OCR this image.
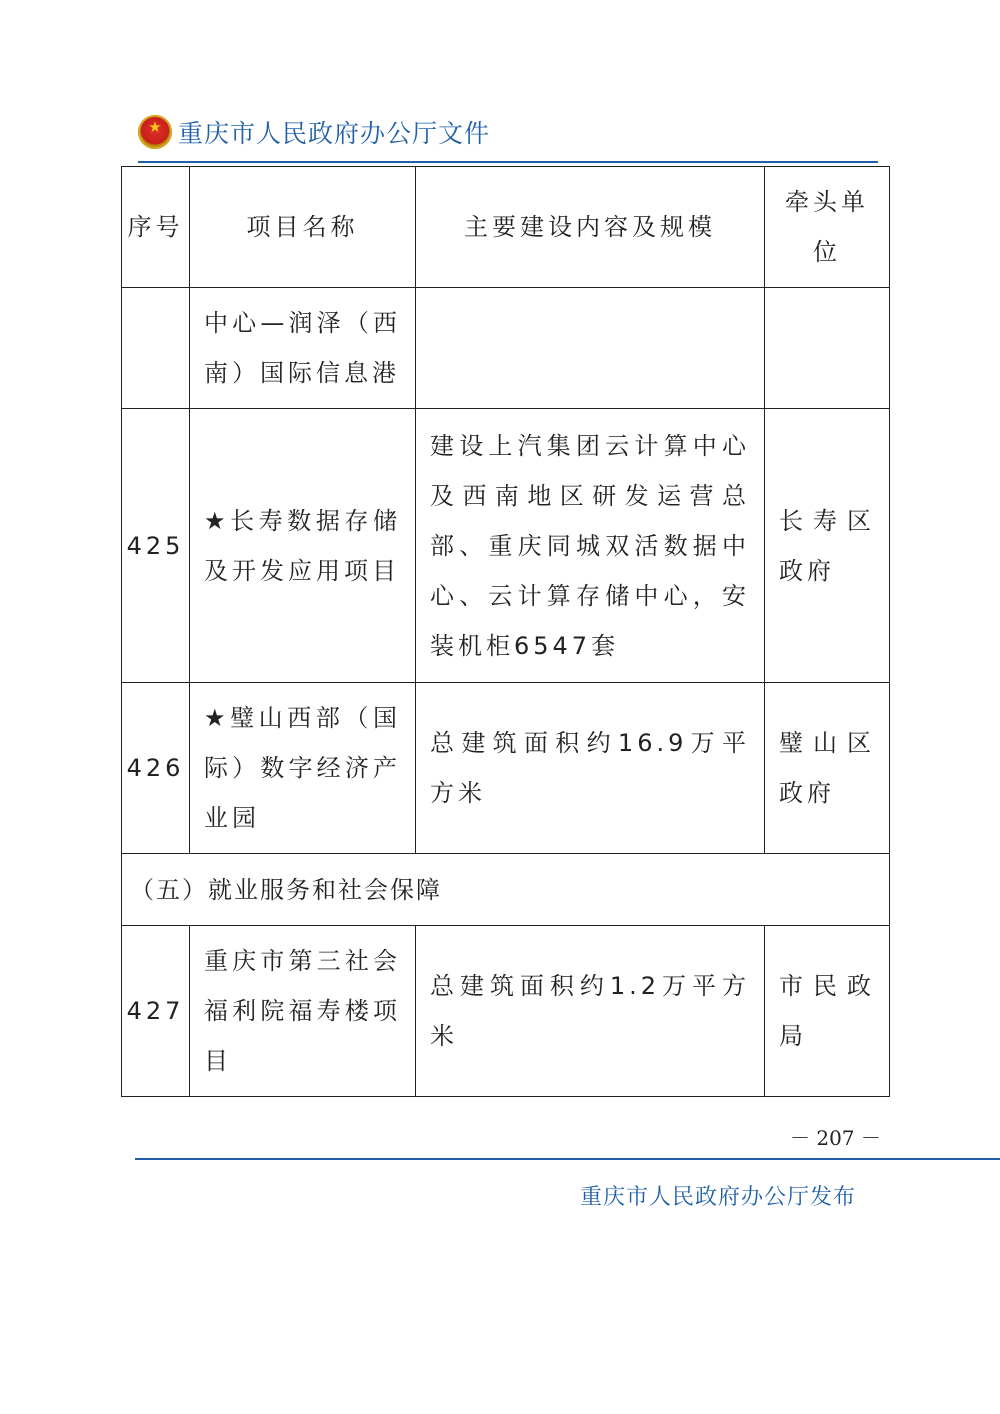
★
重庆市人民政府办公厅文件
序号	项目名称	主要建设内容及规模	牵头单位
	中心—润泽（西南）国际信息港		
425	★长寿数据存储及开发应用项目	建设上汽集团云计算中心及西南地区研发运营总部、重庆同城双活数据中心、云计算存储中心，安装机柜6547套	长寿区政府
426	★璧山西部（国际）数字经济产业园	总建筑面积约16.9万平方米	璧山区政府
（五）就业服务和社会保障			
427	重庆市第三社会福利院福寿楼项目	总建筑面积约1.2万平方米	市民政局
－ 207 －
重庆市人民政府办公厅发布
